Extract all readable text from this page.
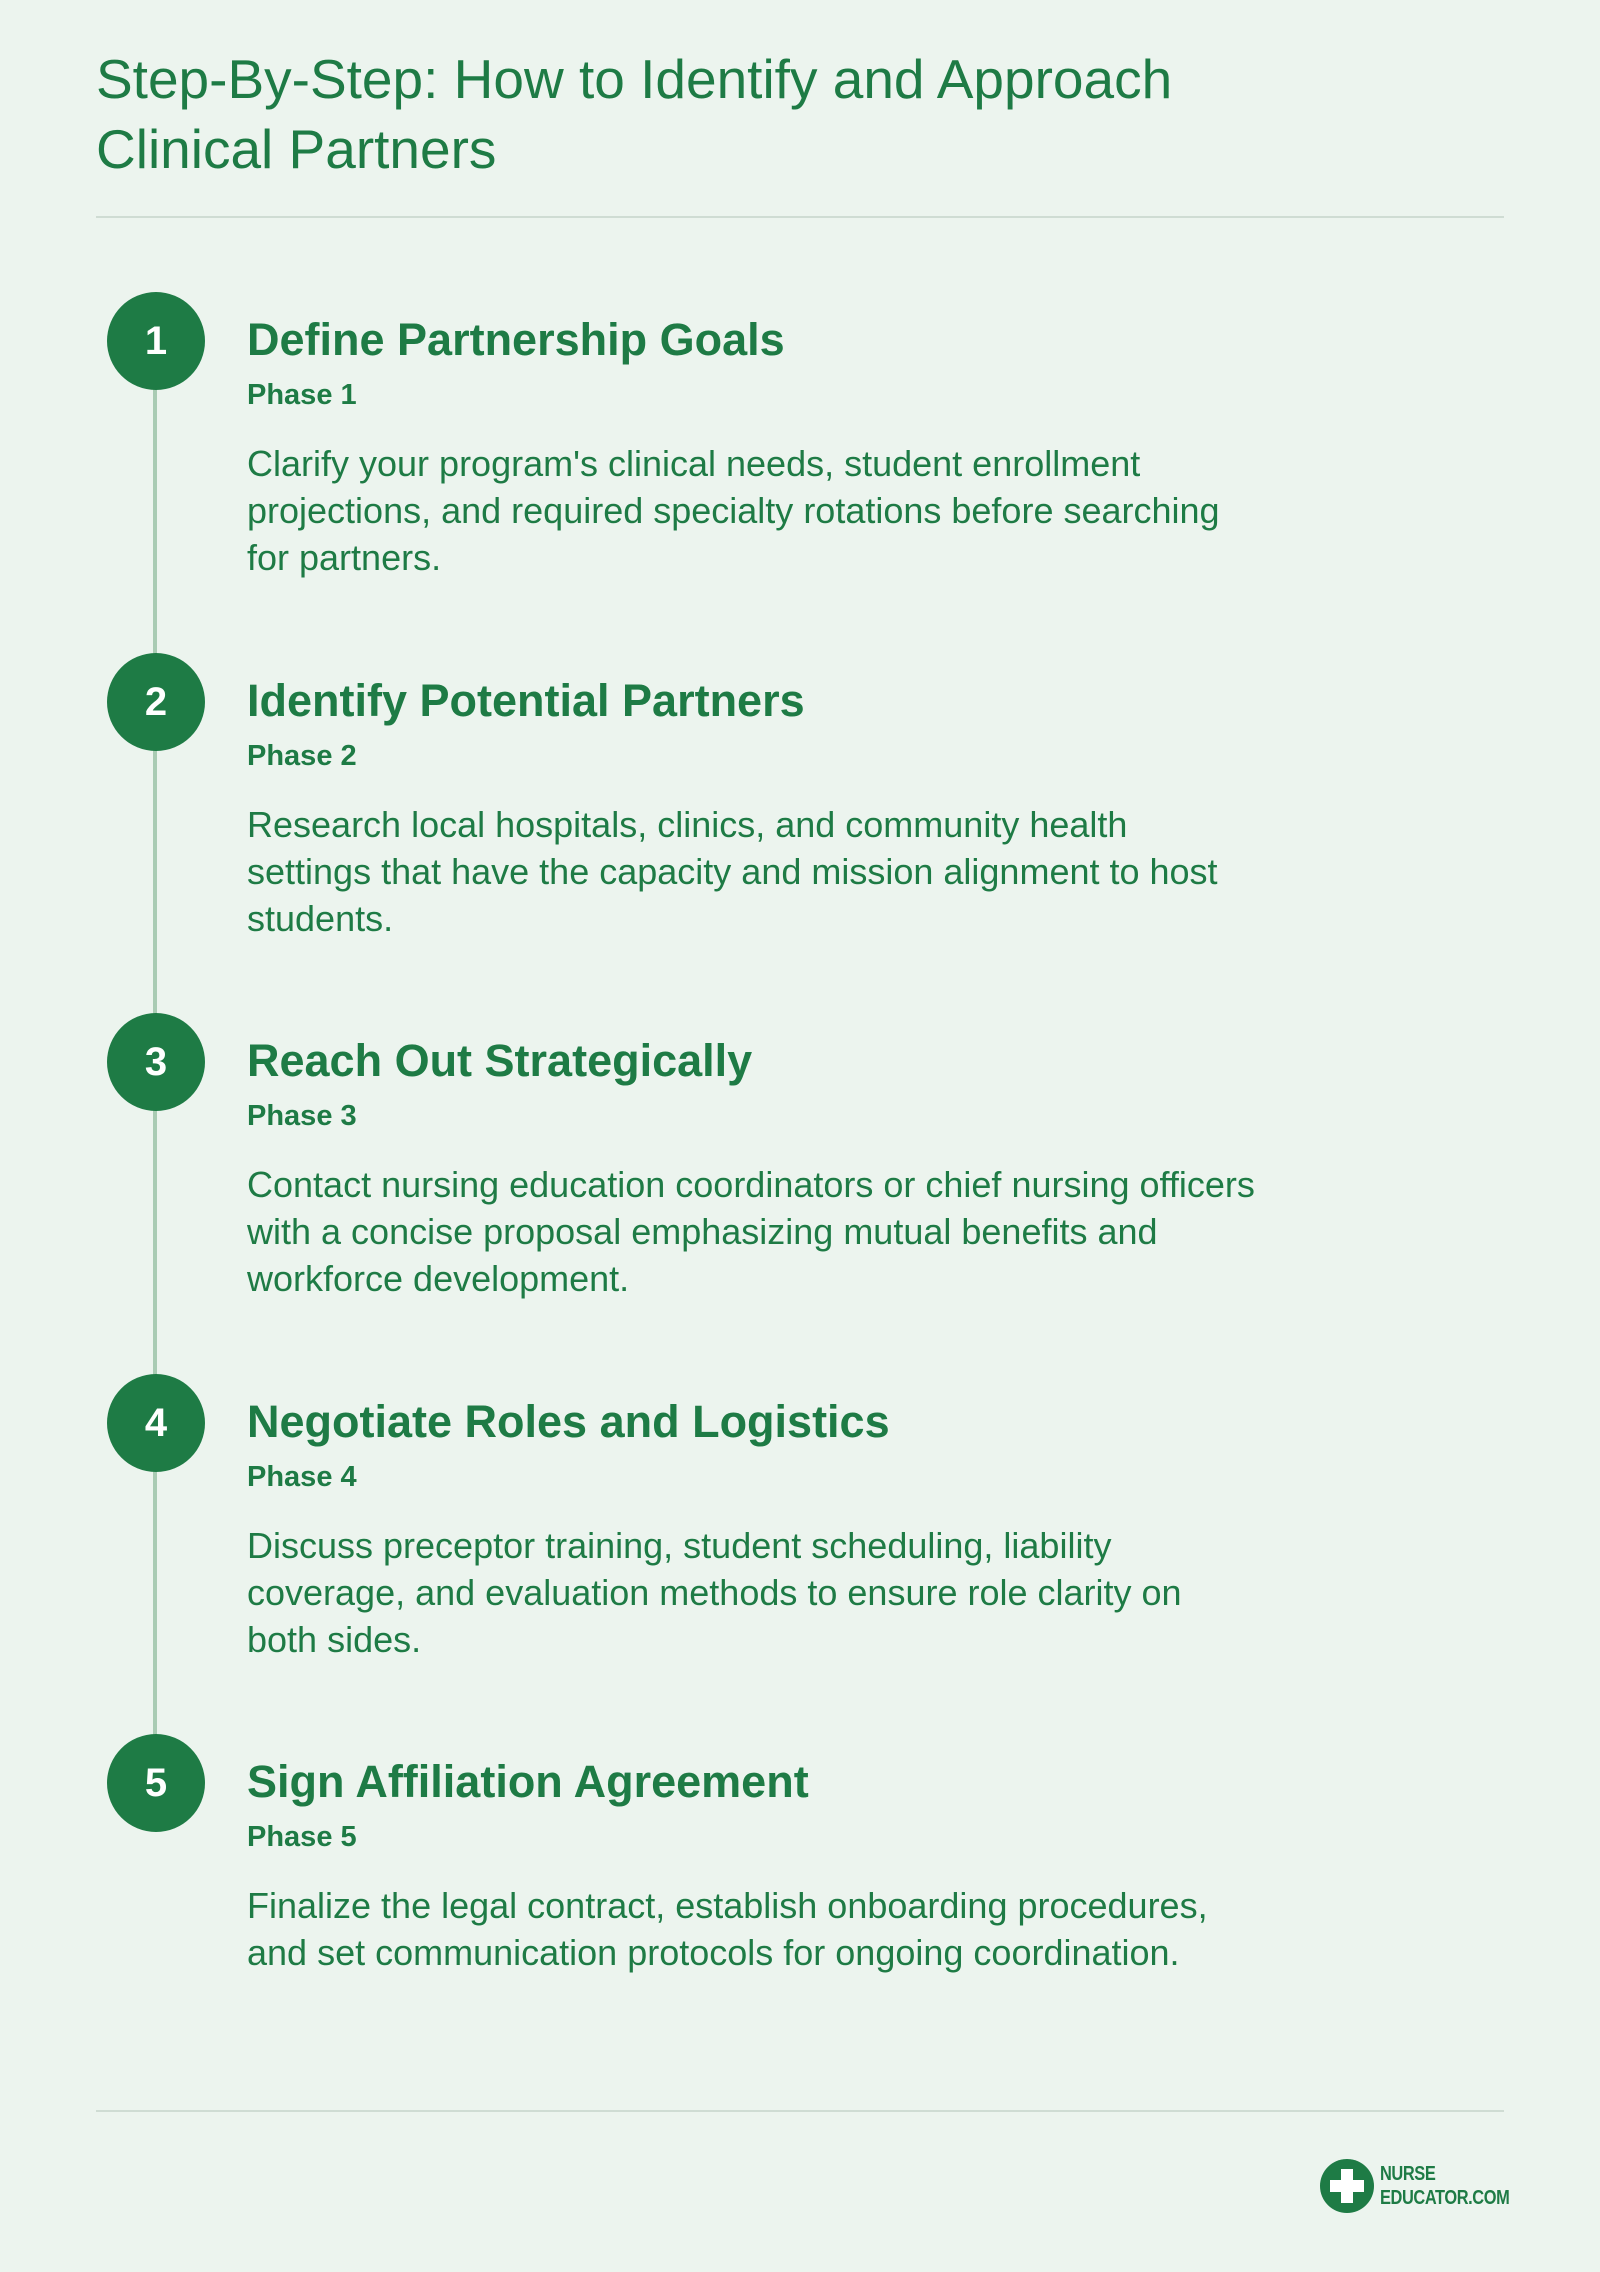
Step-By-Step: How to Identify and Approach Clinical Partners
1	Define Partnership Goals
Phase 1
Clarify your program's clinical needs, student enrollment projections, and required specialty rotations before searching for partners.
2	Identify Potential Partners
Phase 2
Research local hospitals, clinics, and community health settings that have the capacity and mission alignment to host students.
3	Reach Out Strategically
Phase 3
Contact nursing education coordinators or chief nursing officers with a concise proposal emphasizing mutual benefits and workforce development.
4	Negotiate Roles and Logistics
Phase 4
Discuss preceptor training, student scheduling, liability coverage, and evaluation methods to ensure role clarity on both sides.
5	Sign Affiliation Agreement
Phase 5
Finalize the legal contract, establish onboarding procedures, and set communication protocols for ongoing coordination.
NURSE
EDUCATOR.COM
